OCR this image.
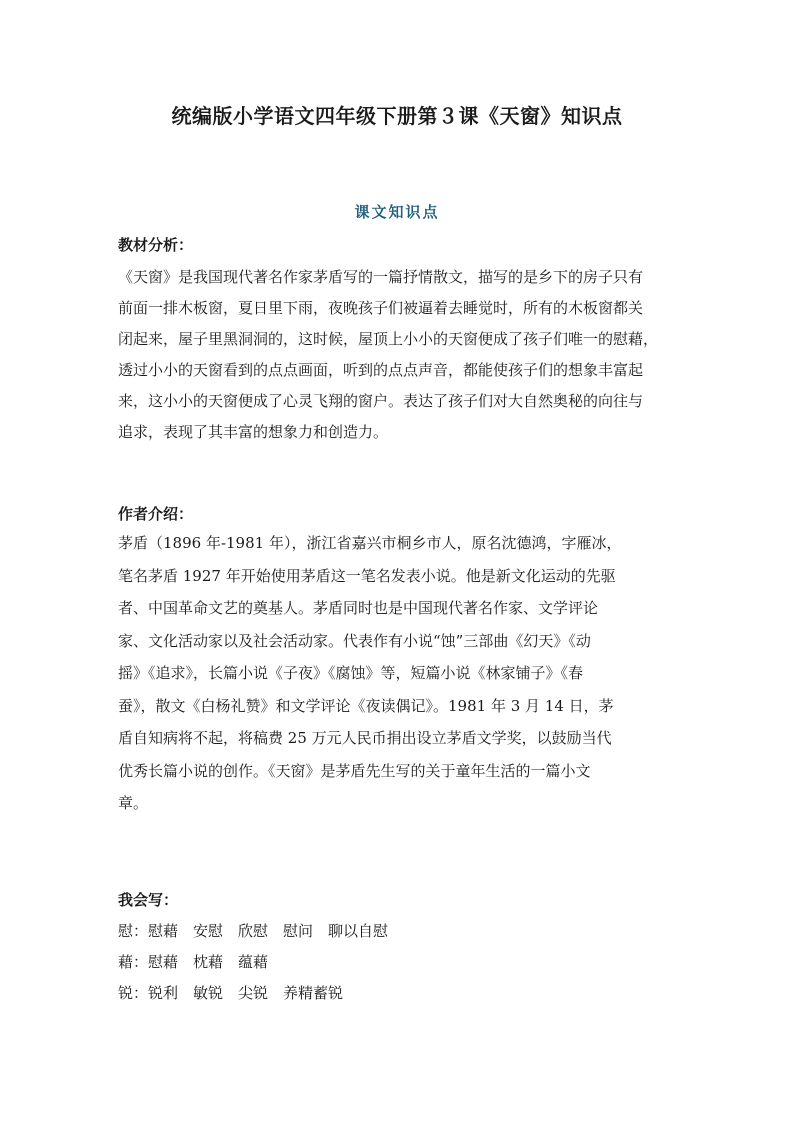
统编版小学语文四年级下册第３课《天窗》知识点
课文知识点

教材分析：

《天窗》是我国现代著名作家茅盾写的一篇抒情散文，描写的是乡下的房子只有
前面一排木板窗，夏日里下雨，夜晚孩子们被逼着去睡觉时，所有的木板窗都关
闭起来，屋子里黑洞洞的，这时候，屋顶上小小的天窗便成了孩子们唯一的慰藉，
透过小小的天窗看到的点点画面，听到的点点声音，都能使孩子们的想象丰富起
来，这小小的天窗便成了心灵飞翔的窗户。表达了孩子们对大自然奥秘的向往与
追求，表现了其丰富的想象力和创造力。

作者介绍：

茅盾（1896 年-1981 年），浙江省嘉兴市桐乡市人，原名沈德鸿，字雁冰，
笔名茅盾 1927 年开始使用茅盾这一笔名发表小说。他是新文化运动的先驱
者、中国革命文艺的奠基人。茅盾同时也是中国现代著名作家、文学评论
家、文化活动家以及社会活动家。代表作有小说“蚀”三部曲《幻天》《动
摇》《追求》，长篇小说《子夜》《腐蚀》等，短篇小说《林家铺子》《春
蚕》，散文《白杨礼赞》和文学评论《夜读偶记》。1981 年 3 月 14 日，茅
盾自知病将不起，将稿费 25 万元人民币捐出设立茅盾文学奖，以鼓励当代
优秀长篇小说的创作。《天窗》是茅盾先生写的关于童年生活的一篇小文
章。

我会写：

慰：慰藉　安慰　欣慰　慰问　聊以自慰

藉：慰藉　枕藉　蕴藉

锐：锐利　敏锐　尖锐　养精蓄锐
